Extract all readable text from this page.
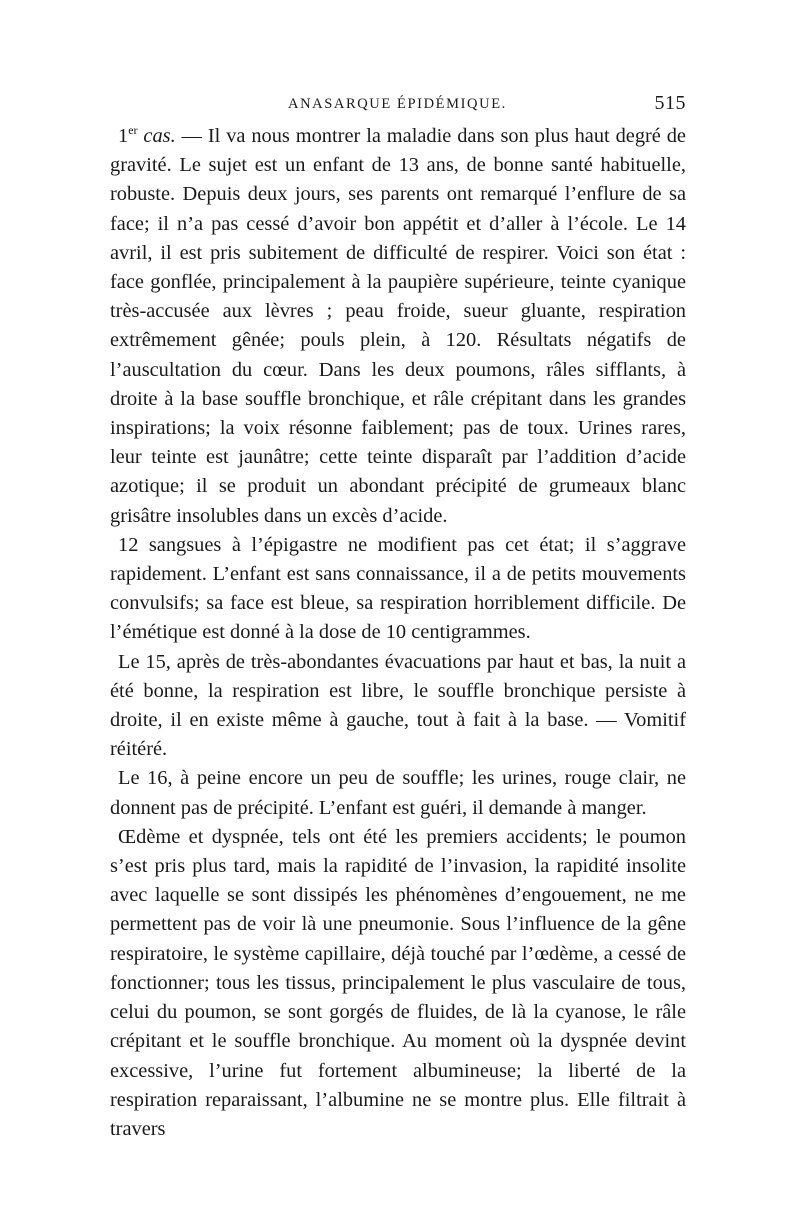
ANASARQUE ÉPIDÉMIQUE.	515

1er cas. — Il va nous montrer la maladie dans son plus haut degré de gravité. Le sujet est un enfant de 13 ans, de bonne santé habituelle, robuste. Depuis deux jours, ses parents ont remarqué l’enflure de sa face; il n’a pas cessé d’avoir bon appétit et d’aller à l’école. Le 14 avril, il est pris subitement de difficulté de respirer. Voici son état : face gonflée, principalement à la paupière supérieure, teinte cyanique très-accusée aux lèvres ; peau froide, sueur gluante, respiration extrêmement gênée; pouls plein, à 120. Résultats négatifs de l’auscultation du cœur. Dans les deux poumons, râles sifflants, à droite à la base souffle bronchique, et râle crépitant dans les grandes inspirations; la voix résonne faiblement; pas de toux. Urines rares, leur teinte est jaunâtre; cette teinte disparaît par l’addition d’acide azotique; il se produit un abondant précipité de grumeaux blanc grisâtre insolubles dans un excès d’acide.

12 sangsues à l’épigastre ne modifient pas cet état; il s’aggrave rapidement. L’enfant est sans connaissance, il a de petits mouvements convulsifs; sa face est bleue, sa respiration horriblement difficile. De l’émétique est donné à la dose de 10 centigrammes.

Le 15, après de très-abondantes évacuations par haut et bas, la nuit a été bonne, la respiration est libre, le souffle bronchique persiste à droite, il en existe même à gauche, tout à fait à la base. — Vomitif réitéré.

Le 16, à peine encore un peu de souffle; les urines, rouge clair, ne donnent pas de précipité. L’enfant est guéri, il demande à manger.

Œdème et dyspnée, tels ont été les premiers accidents; le poumon s’est pris plus tard, mais la rapidité de l’invasion, la rapidité insolite avec laquelle se sont dissipés les phénomènes d’engouement, ne me permettent pas de voir là une pneumonie. Sous l’influence de la gêne respiratoire, le système capillaire, déjà touché par l’œdème, a cessé de fonctionner; tous les tissus, principalement le plus vasculaire de tous, celui du poumon, se sont gorgés de fluides, de là la cyanose, le râle crépitant et le souffle bronchique. Au moment où la dyspnée devint excessive, l’urine fut fortement albumineuse; la liberté de la respiration reparaissant, l’albumine ne se montre plus. Elle filtrait à travers
